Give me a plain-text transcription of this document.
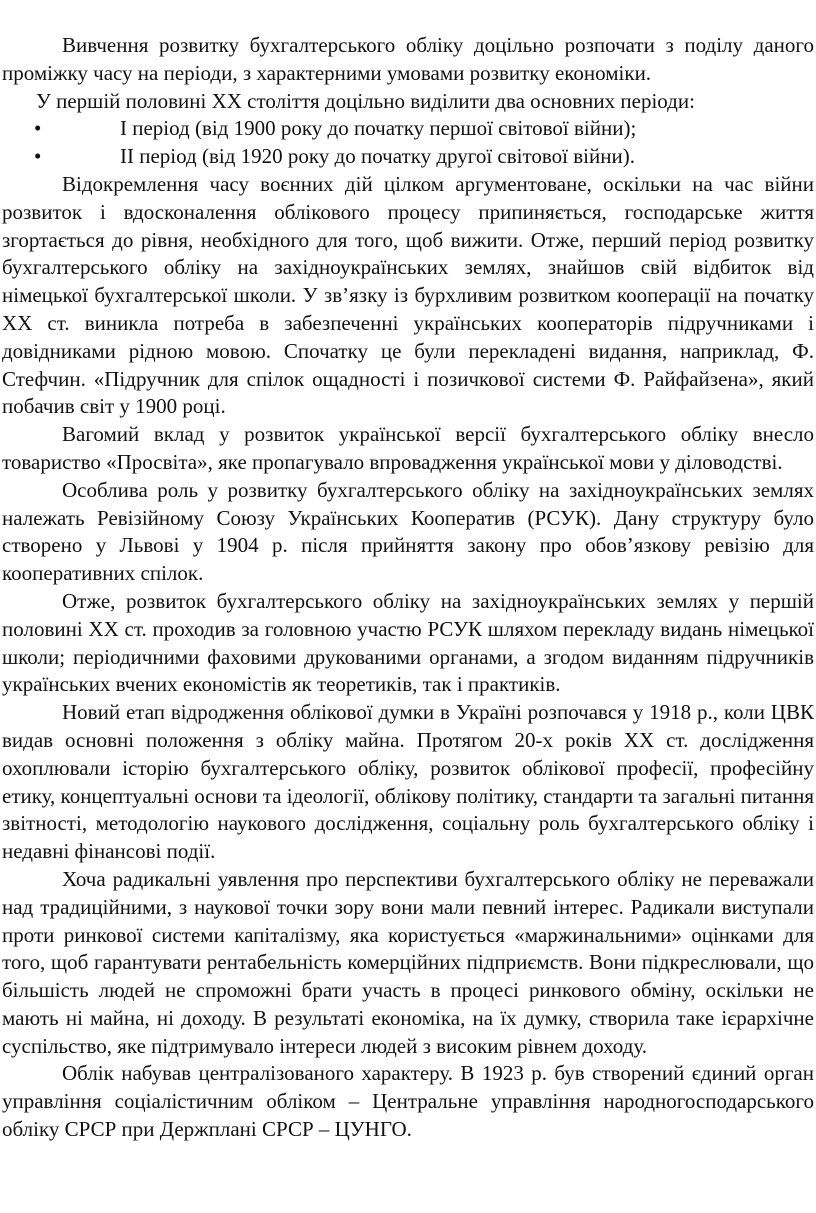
Вивчення розвитку бухгалтерського обліку доцільно розпочати з поділу даного проміжку часу на періоди, з характерними умовами розвитку економіки.

У першій половині ХХ століття доцільно виділити два основних періоди:

•	І період (від 1900 року до початку першої світової війни);
•	ІІ період (від 1920 року до початку другої світової війни).

Відокремлення часу воєнних дій цілком аргументоване, оскільки на час війни розвиток і вдосконалення облікового процесу припиняється, господарське життя згортається до рівня, необхідного для того, щоб вижити. Отже, перший період розвитку бухгалтерського обліку на західноукраїнських землях, знайшов свій відбиток від німецької бухгалтерської школи. У зв’язку із бурхливим розвитком кооперації на початку ХХ ст. виникла потреба в забезпеченні українських кооператорів підручниками і довідниками рідною мовою. Спочатку це були перекладені видання, наприклад, Ф. Стефчин. «Підручник для спілок ощадності і позичкової системи Ф. Райфайзена», який побачив світ у 1900 році.

Вагомий вклад у розвиток української версії бухгалтерського обліку внесло товариство «Просвіта», яке пропагувало впровадження української мови у діловодстві.

Особлива роль у розвитку бухгалтерського обліку на західноукраїнських землях належать Ревізійному Союзу Українських Кооператив (РСУК). Дану структуру було створено у Львові у 1904 р. після прийняття закону про обов’язкову ревізію для кооперативних спілок.

Отже, розвиток бухгалтерського обліку на західноукраїнських землях у першій половині ХХ ст. проходив за головною участю РСУК шляхом перекладу видань німецької школи; періодичними фаховими друкованими органами, а згодом виданням підручників українських вчених економістів як теоретиків, так і практиків.

Новий етап відродження облікової думки в Україні розпочався у 1918 р., коли ЦВК видав основні положення з обліку майна. Протягом 20-х років ХХ ст. дослідження охоплювали історію бухгалтерського обліку, розвиток облікової професії, професійну етику, концептуальні основи та ідеології, облікову політику, стандарти та загальні питання звітності, методологію наукового дослідження, соціальну роль бухгалтерського обліку і недавні фінансові події.

Хоча радикальні уявлення про перспективи бухгалтерського обліку не переважали над традиційними, з наукової точки зору вони мали певний інтерес. Радикали виступали проти ринкової системи капіталізму, яка користується «маржинальними» оцінками для того, щоб гарантувати рентабельність комерційних підприємств. Вони підкреслювали, що більшість людей не спроможні брати участь в процесі ринкового обміну, оскільки не мають ні майна, ні доходу. В результаті економіка, на їх думку, створила таке ієрархічне суспільство, яке підтримувало інтереси людей з високим рівнем доходу.

Облік набував централізованого характеру. В 1923 р. був створений єдиний орган управління соціалістичним обліком – Центральне управління народногосподарського обліку СРСР при Держплані СРСР – ЦУНГО.
